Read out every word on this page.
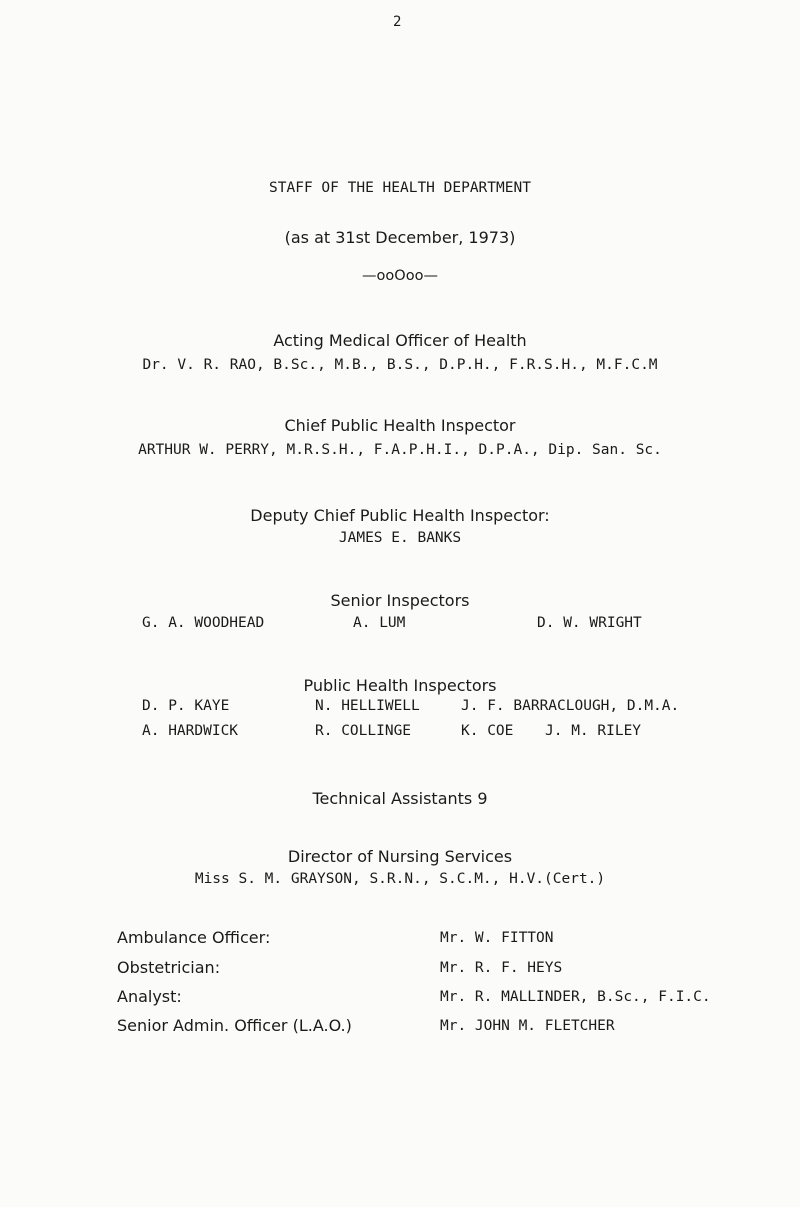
2
STAFF OF THE HEALTH DEPARTMENT
(as at 31st December, 1973)
—ooOoo—
Acting Medical Officer of Health
Dr. V. R. RAO, B.Sc., M.B., B.S., D.P.H., F.R.S.H., M.F.C.M
Chief Public Health Inspector
ARTHUR W. PERRY, M.R.S.H., F.A.P.H.I., D.P.A., Dip. San. Sc.
Deputy Chief Public Health Inspector:
JAMES E. BANKS
Senior Inspectors
G. A. WOODHEAD	A. LUM	D. W. WRIGHT
Public Health Inspectors
D. P. KAYE	N. HELLIWELL	J. F. BARRACLOUGH, D.M.A.
A. HARDWICK	R. COLLINGE	K. COE J. M. RILEY
Technical Assistants 9
Director of Nursing Services
Miss S. M. GRAYSON, S.R.N., S.C.M., H.V.(Cert.)
Ambulance Officer:	Mr. W. FITTON
Obstetrician:	Mr. R. F. HEYS
Analyst:	Mr. R. MALLINDER, B.Sc., F.I.C.
Senior Admin. Officer (L.A.O.)	Mr. JOHN M. FLETCHER
